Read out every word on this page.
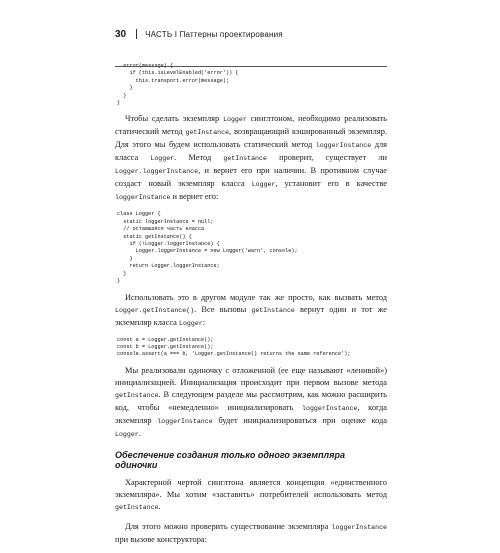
30 ЧАСТЬ I Паттерны проектирования
error(message) {
if (this.isLevelEnabled('error')) {
this.transport.error(message);
}
}
}

Чтобы сделать экземпляр Logger синглтоном, необходимо реализовать статический метод getInstance, возвращающий кэшированный экземпляр. Для этого мы будем использовать статический метод loggerInstance для класса Logger. Метод getInstance проверит, существует ли Logger.loggerInstance, и вернет его при наличии. В противном случае создаст новый экземпляр класса Logger, установит его в качестве loggerInstance и вернет его:

class Logger {
static loggerInstance = null;
// оставшаяся часть класса
static getInstance() {
if (!Logger.loggerInstance) {
Logger.loggerInstance = new Logger('warn', console);
}
return Logger.loggerInstance;
}
}

Использовать это в другом модуле так же просто, как вызвать метод Logger.getInstance(). Все вызовы getInstance вернут один и тот же экземпляр класса Logger:

const a = Logger.getInstance();
const b = Logger.getInstance();
console.assert(a === b, 'Logger.getInstance() returns the same reference');

Мы реализовали одиночку с отложенной (ее еще называют «ленивой») инициализацией. Инициализация происходит при первом вызове метода getInstance. В следующем разделе мы рассмотрим, как можно расширить код, чтобы «немедленно» инициализировать loggerInstance, когда экземпляр loggerInstance будет инициализироваться при оценке кода Logger.

Обеспечение создания только одного экземпляра одиночки

Характерной чертой синглтона является концепция «единственного экземпляра». Мы хотим «заставить» потребителей использовать метод getInstance.

Для этого можно проверить существование экземпляра loggerInstance при вызове конструктора:
